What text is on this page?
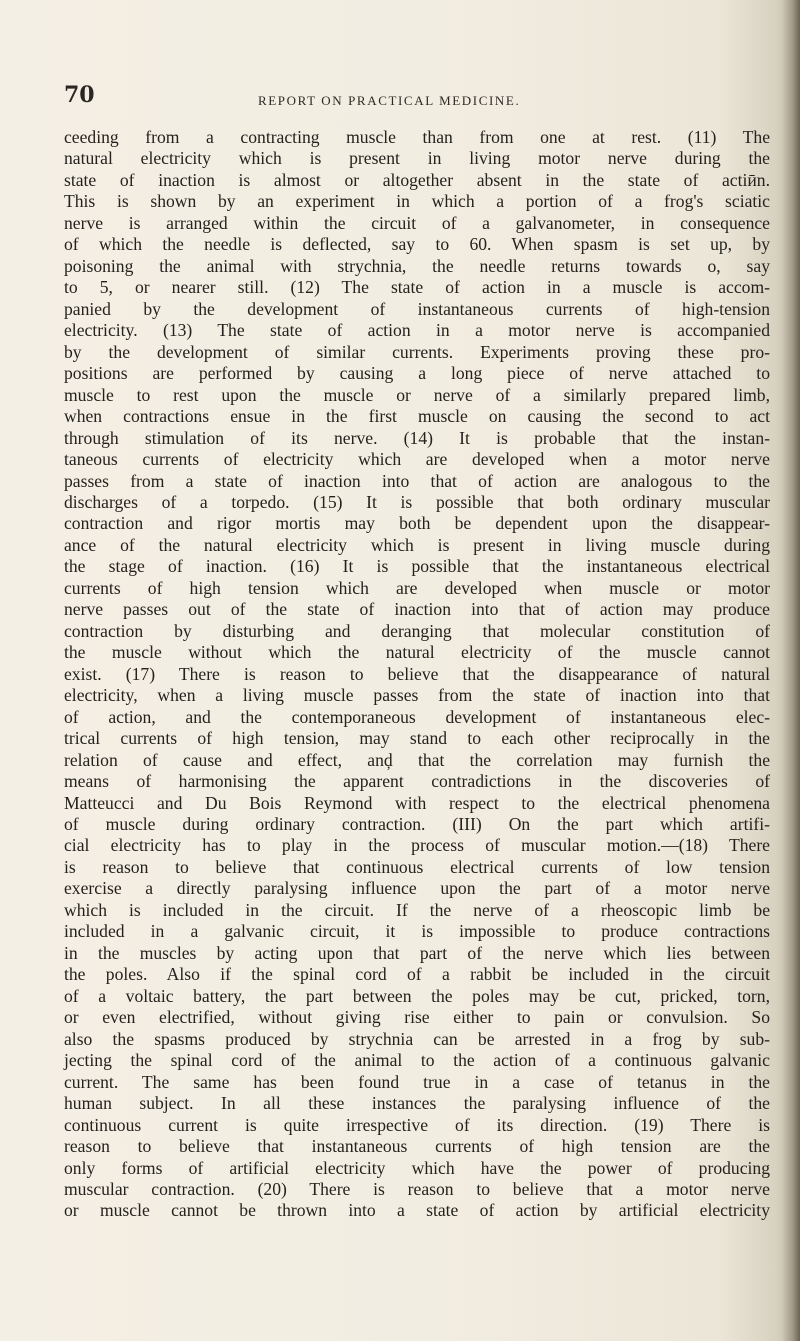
70	REPORT ON PRACTICAL MEDICINE.
ceeding from a contracting muscle than from one at rest. (11) The
natural electricity which is present in living motor nerve during the
state of inaction is almost or altogether absent in the state of actiӣn.
This is shown by an experiment in which a portion of a frog's sciatic
nerve is arranged within the circuit of a galvanometer, in consequence
of which the needle is deflected, say to 60. When spasm is set up, by
poisoning the animal with strychnia, the needle returns towards o, say
to 5, or nearer still. (12) The state of action in a muscle is accom-
panied by the development of instantaneous currents of high-tension
electricity. (13) The state of action in a motor nerve is accompanied
by the development of similar currents. Experiments proving these pro-
positions are performed by causing a long piece of nerve attached to
muscle to rest upon the muscle or nerve of a similarly prepared limb,
when contractions ensue in the first muscle on causing the second to act
through stimulation of its nerve. (14) It is probable that the instan-
taneous currents of electricity which are developed when a motor nerve
passes from a state of inaction into that of action are analogous to the
discharges of a torpedo. (15) It is possible that both ordinary muscular
contraction and rigor mortis may both be dependent upon the disappear-
ance of the natural electricity which is present in living muscle during
the stage of inaction. (16) It is possible that the instantaneous electrical
currents of high tension which are developed when muscle or motor
nerve passes out of the state of inaction into that of action may produce
contraction by disturbing and deranging that molecular constitution of
the muscle without which the natural electricity of the muscle cannot
exist. (17) There is reason to believe that the disappearance of natural
electricity, when a living muscle passes from the state of inaction into that
of action, and the contemporaneous development of instantaneous elec-
trical currents of high tension, may stand to each other reciprocally in the
relation of cause and effect, anḑ that the correlation may furnish the
means of harmonising the apparent contradictions in the discoveries of
Matteucci and Du Bois Reymond with respect to the electrical phenomena
of muscle during ordinary contraction. (III) On the part which artifi-
cial electricity has to play in the process of muscular motion.—(18) There
is reason to believe that continuous electrical currents of low tension
exercise a directly paralysing influence upon the part of a motor nerve
which is included in the circuit. If the nerve of a rheoscopic limb be
included in a galvanic circuit, it is impossible to produce contractions
in the muscles by acting upon that part of the nerve which lies between
the poles. Also if the spinal cord of a rabbit be included in the circuit
of a voltaic battery, the part between the poles may be cut, pricked, torn,
or even electrified, without giving rise either to pain or convulsion. So
also the spasms produced by strychnia can be arrested in a frog by sub-
jecting the spinal cord of the animal to the action of a continuous galvanic
current. The same has been found true in a case of tetanus in the
human subject. In all these instances the paralysing influence of the
continuous current is quite irrespective of its direction. (19) There is
reason to believe that instantaneous currents of high tension are the
only forms of artificial electricity which have the power of producing
muscular contraction. (20) There is reason to believe that a motor nerve
or muscle cannot be thrown into a state of action by artificial electricity
